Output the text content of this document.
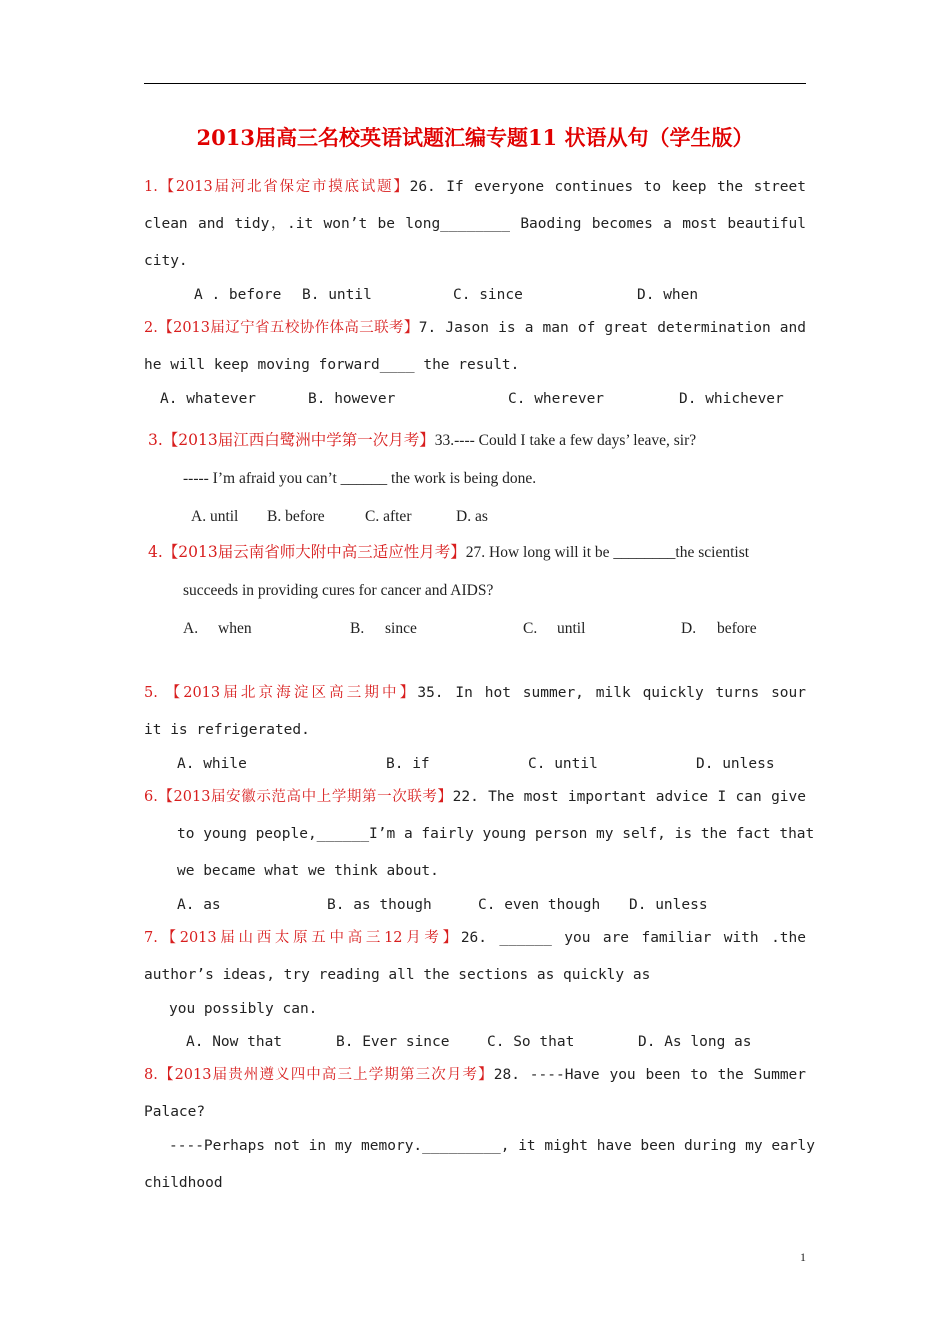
2013届高三名校英语试题汇编专题11 状语从句（学生版）
1.【2013届河北省保定市摸底试题】26. If everyone continues to keep the street
clean and tidy，.it won’t be long________ Baoding becomes a most beautiful
city.
A . before B. until	C. since	D. when
2.【2013届辽宁省五校协作体高三联考】7. Jason is a man of great determination and
he will keep moving forward____ the result.
A. whatever	B. however	C. wherever	D. whichever
3.【2013届江西白鹭洲中学第一次月考】33.---- Could I take a few days’ leave, sir?
----- I’m afraid you can’t ______ the work is being done.
A. until B. before	C. after	D. as
4.【2013届云南省师大附中高三适应性月考】27. How long will it be ________the scientist
succeeds in providing cures for cancer and AIDS?
A. when	B. since	C. until	D. before
5. 【2013届北京海淀区高三期中】35. In hot summer, milk quickly turns sour
it is refrigerated.
A. while	B. if	C. until	D. unless
6.【2013届安徽示范高中上学期第一次联考】22. The most important advice I can give
to young people,______I’m a fairly young person my self, is the fact that
we became what we think about.
A. as	B. as though	C. even though D. unless
7.【2013届山西太原五中高三12月考】26. ______ you are familiar with .the
author’s ideas, try reading all the sections as quickly as
you possibly can.
A. Now that	B. Ever since	C. So that	D. As long as
8.【2013届贵州遵义四中高三上学期第三次月考】28. ----Have you been to the Summer
Palace?
----Perhaps not in my memory._________, it might have been during my early
childhood
1
